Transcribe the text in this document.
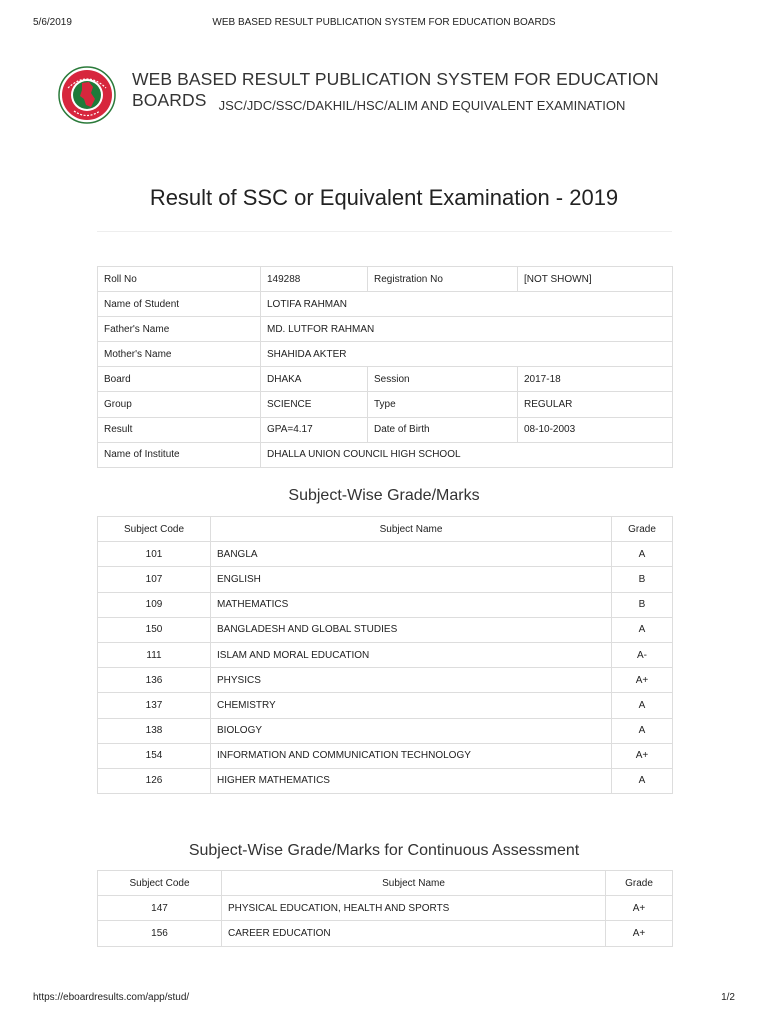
5/6/2019	WEB BASED RESULT PUBLICATION SYSTEM FOR EDUCATION BOARDS
WEB BASED RESULT PUBLICATION SYSTEM FOR EDUCATION BOARDS JSC/JDC/SSC/DAKHIL/HSC/ALIM AND EQUIVALENT EXAMINATION
Result of SSC or Equivalent Examination - 2019
Roll No	149288	Registration No	[NOT SHOWN]
Name of Student	LOTIFA RAHMAN		
Father's Name	MD. LUTFOR RAHMAN		
Mother's Name	SHAHIDA AKTER		
Board	DHAKA	Session	2017-18
Group	SCIENCE	Type	REGULAR
Result	GPA=4.17	Date of Birth	08-10-2003
Name of Institute	DHALLA UNION COUNCIL HIGH SCHOOL		
Subject-Wise Grade/Marks
Subject Code	Subject Name	Grade
101	BANGLA	A
107	ENGLISH	B
109	MATHEMATICS	B
150	BANGLADESH AND GLOBAL STUDIES	A
111	ISLAM AND MORAL EDUCATION	A-
136	PHYSICS	A+
137	CHEMISTRY	A
138	BIOLOGY	A
154	INFORMATION AND COMMUNICATION TECHNOLOGY	A+
126	HIGHER MATHEMATICS	A
Subject-Wise Grade/Marks for Continuous Assessment
Subject Code	Subject Name	Grade
147	PHYSICAL EDUCATION, HEALTH AND SPORTS	A+
156	CAREER EDUCATION	A+
https://eboardresults.com/app/stud/	1/2
